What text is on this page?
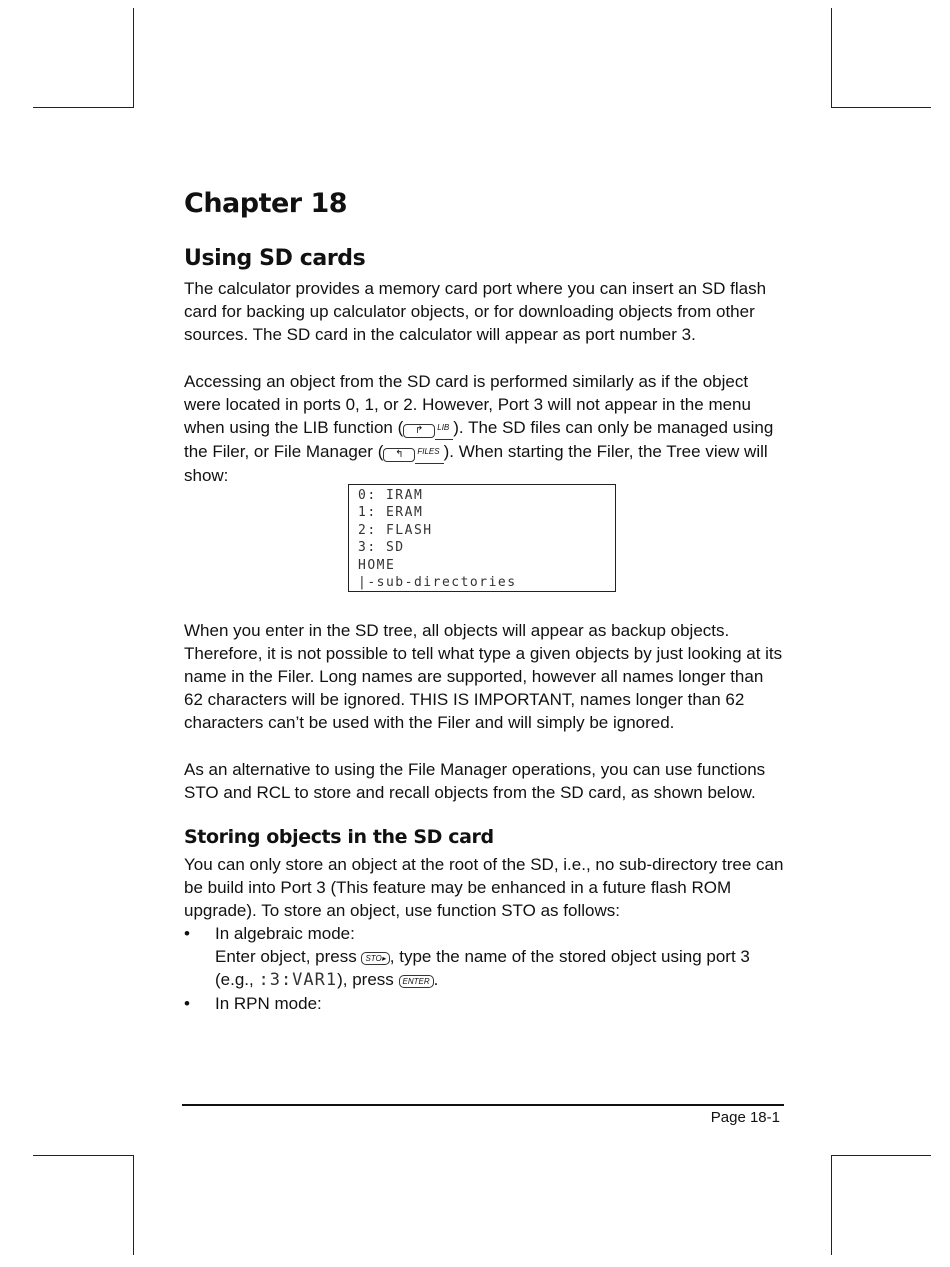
Chapter 18
Using SD cards

The calculator provides a memory card port where you can insert an SD flash card for backing up calculator objects, or for downloading objects from other sources. The SD card in the calculator will appear as port number 3.

Accessing an object from the SD card is performed similarly as if the object were located in ports 0, 1, or 2. However, Port 3 will not appear in the menu when using the LIB function ( ↱ LIB ). The SD files can only be managed using the Filer, or File Manager ( ↰ FILES ). When starting the Filer, the Tree view will show:

0: IRAM
1: ERAM
2: FLASH
3: SD
HOME
|-sub-directories

When you enter in the SD tree, all objects will appear as backup objects. Therefore, it is not possible to tell what type a given objects by just looking at its name in the Filer. Long names are supported, however all names longer than 62 characters will be ignored. THIS IS IMPORTANT, names longer than 62 characters can’t be used with the Filer and will simply be ignored.

As an alternative to using the File Manager operations, you can use functions STO and RCL to store and recall objects from the SD card, as shown below.

Storing objects in the SD card

You can only store an object at the root of the SD, i.e., no sub-directory tree can be build into Port 3 (This feature may be enhanced in a future flash ROM upgrade). To store an object, use function STO as follows:

• In algebraic mode:
Enter object, press STO▸ , type the name of the stored object using port 3 (e.g., :3:VAR1), press ENTER .
• In RPN mode:
Page 18-1
